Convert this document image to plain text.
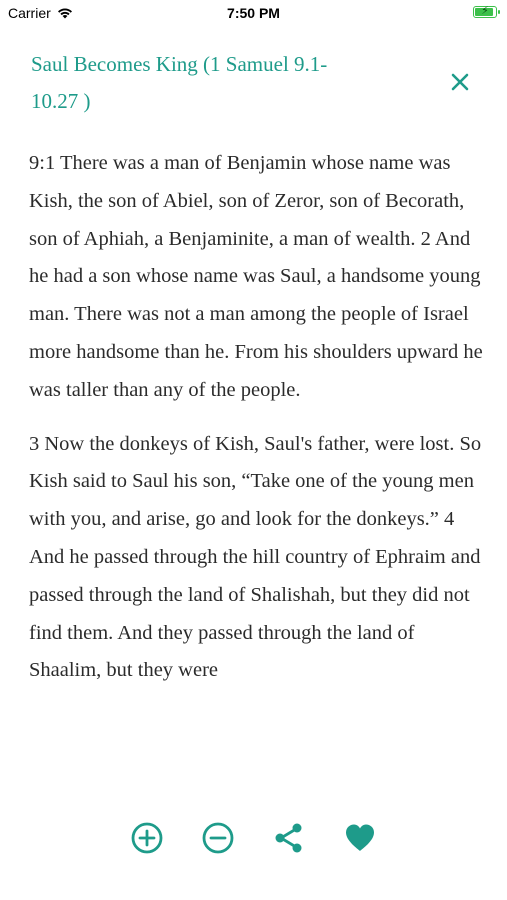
Carrier	7:50 PM	⚡
Saul Becomes King (1 Samuel 9.1-10.27 )

9:1 There was a man of Benjamin whose name was Kish, the son of Abiel, son of Zeror, son of Becorath, son of Aphiah, a Benjaminite, a man of wealth. 2 And he had a son whose name was Saul, a handsome young man. There was not a man among the people of Israel more handsome than he. From his shoulders upward he was taller than any of the people.

3 Now the donkeys of Kish, Saul's father, were lost. So Kish said to Saul his son, “Take one of the young men with you, and arise, go and look for the donkeys.” 4 And he passed through the hill country of Ephraim and passed through the land of Shalishah, but they did not find them. And they passed through the land of Shaalim, but they were
